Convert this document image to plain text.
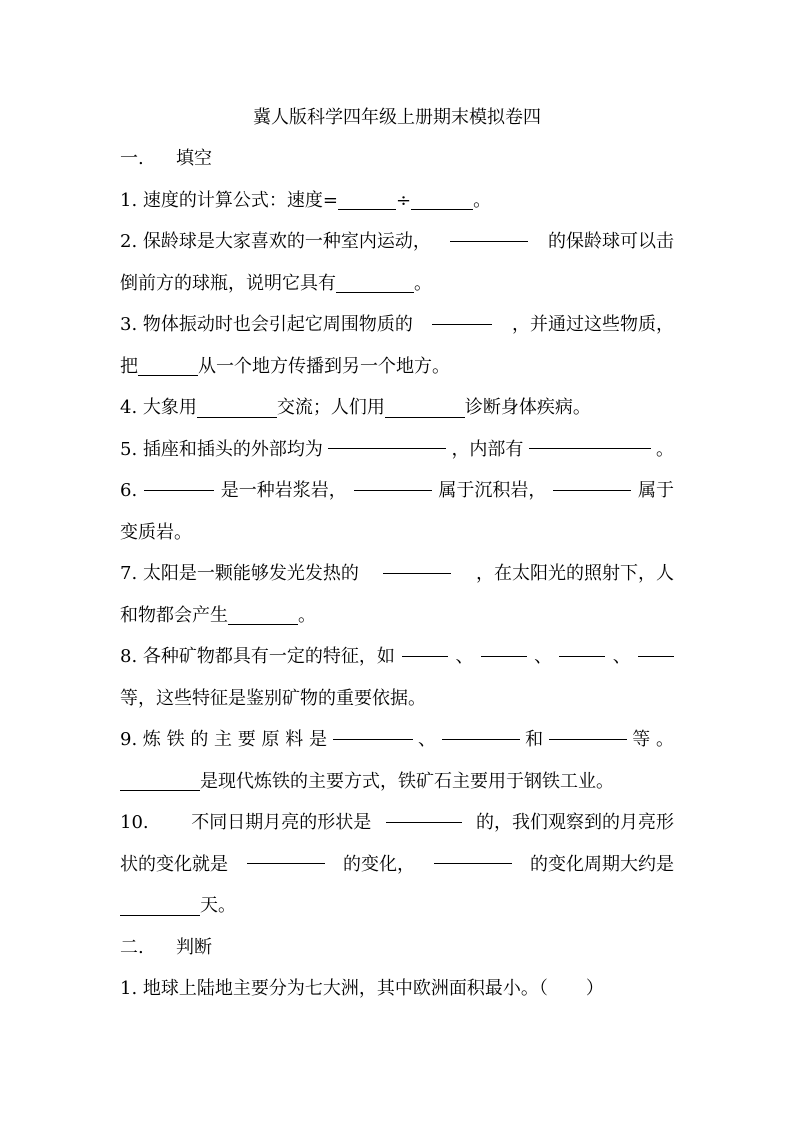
冀人版科学四年级上册期末模拟卷四
一.	填空
1. 速度的计算公式：速度=	÷	。
2. 保龄球是大家喜欢的一种室内运动，	的保龄球可以击
倒前方的球瓶，说明它具有	。
3. 物体振动时也会引起它周围物质的	，并通过这些物质，
把	从一个地方传播到另一个地方。
4. 大象用	交流；人们用	诊断身体疾病。
5. 插座和插头的外部均为	，内部有	。
6.	是一种岩浆岩，	属于沉积岩，	属于
变质岩。
7. 太阳是一颗能够发光发热的	，在太阳光的照射下，人
和物都会产生	。
8. 各种矿物都具有一定的特征，如	、	、	、
等，这些特征是鉴别矿物的重要依据。
9. 炼 铁 的 主 要 原 料 是	、	和	等 。
是现代炼铁的主要方式，铁矿石主要用于钢铁工业。
10. 不同日期月亮的形状是	的，我们观察到的月亮形
状的变化就是	的变化，	的变化周期大约是
天。
二.	判断
1. 地球上陆地主要分为七大洲，其中欧洲面积最小。（ ）
